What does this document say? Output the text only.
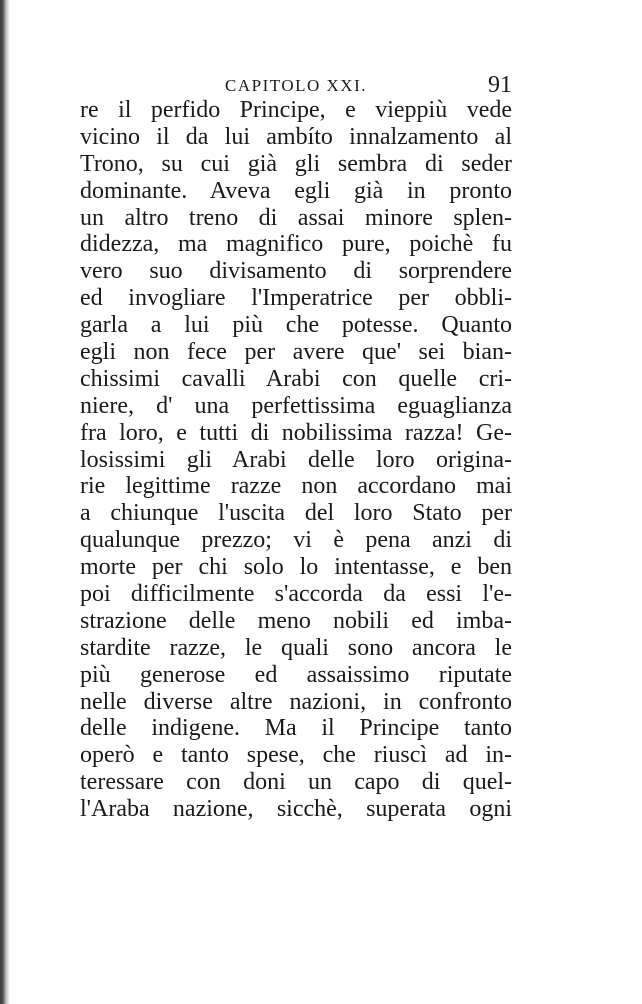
CAPITOLO XXI.	91
re il perfido Principe, e vieppiù vede
vicino il da lui ambíto innalzamento al
Trono, su cui già gli sembra di seder
dominante. Aveva egli già in pronto
un altro treno di assai minore splen-
didezza, ma magnifico pure, poichè fu
vero suo divisamento di sorprendere
ed invogliare l'Imperatrice per obbli-
garla a lui più che potesse. Quanto
egli non fece per avere que' sei bian-
chissimi cavalli Arabi con quelle cri-
niere, d' una perfettissima eguaglianza
fra loro, e tutti di nobilissima razza! Ge-
losissimi gli Arabi delle loro origina-
rie legittime razze non accordano mai
a chiunque l'uscita del loro Stato per
qualunque prezzo; vi è pena anzi di
morte per chi solo lo intentasse, e ben
poi difficilmente s'accorda da essi l'e-
strazione delle meno nobili ed imba-
stardite razze, le quali sono ancora le
più generose ed assaissimo riputate
nelle diverse altre nazioni, in confronto
delle indigene. Ma il Principe tanto
operò e tanto spese, che riuscì ad in-
teressare con doni un capo di quel-
l'Araba nazione, sicchè, superata ogni
